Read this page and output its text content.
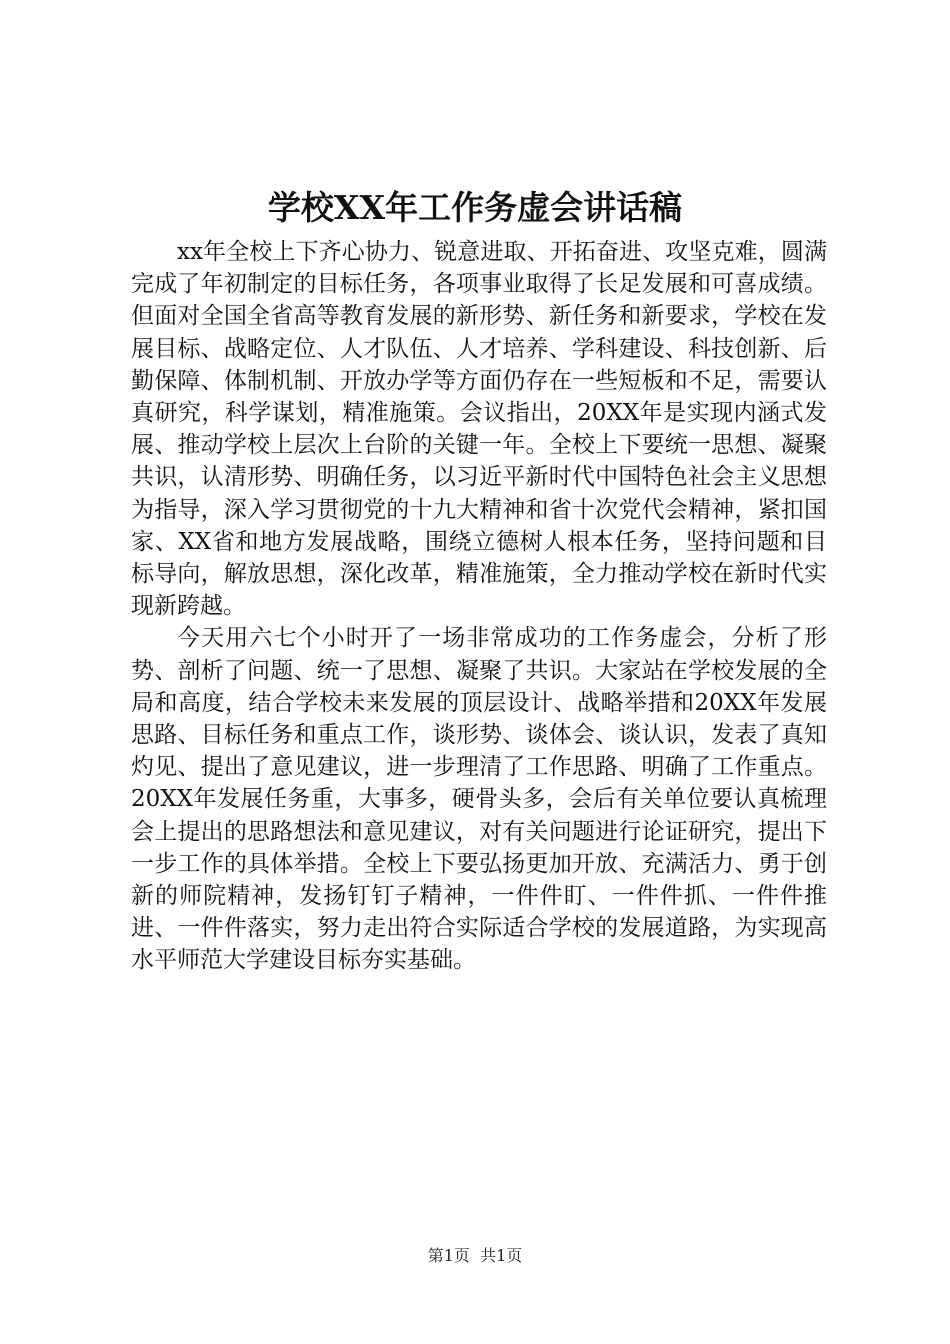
学校XX年工作务虚会讲话稿

xx年全校上下齐心协力、锐意进取、开拓奋进、攻坚克难，圆满完成了年初制定的目标任务，各项事业取得了长足发展和可喜成绩。但面对全国全省高等教育发展的新形势、新任务和新要求，学校在发展目标、战略定位、人才队伍、人才培养、学科建设、科技创新、后勤保障、体制机制、开放办学等方面仍存在一些短板和不足，需要认真研究，科学谋划，精准施策。会议指出，20XX年是实现内涵式发展、推动学校上层次上台阶的关键一年。全校上下要统一思想、凝聚共识，认清形势、明确任务，以习近平新时代中国特色社会主义思想为指导，深入学习贯彻党的十九大精神和省十次党代会精神，紧扣国家、XX省和地方发展战略，围绕立德树人根本任务，坚持问题和目标导向，解放思想，深化改革，精准施策，全力推动学校在新时代实现新跨越。

今天用六七个小时开了一场非常成功的工作务虚会，分析了形势、剖析了问题、统一了思想、凝聚了共识。大家站在学校发展的全局和高度，结合学校未来发展的顶层设计、战略举措和20XX年发展思路、目标任务和重点工作，谈形势、谈体会、谈认识，发表了真知灼见、提出了意见建议，进一步理清了工作思路、明确了工作重点。20XX年发展任务重，大事多，硬骨头多，会后有关单位要认真梳理会上提出的思路想法和意见建议，对有关问题进行论证研究，提出下一步工作的具体举措。全校上下要弘扬更加开放、充满活力、勇于创新的师院精神，发扬钉钉子精神，一件件盯、一件件抓、一件件推进、一件件落实，努力走出符合实际适合学校的发展道路，为实现高水平师范大学建设目标夯实基础。

第1页  共1页
